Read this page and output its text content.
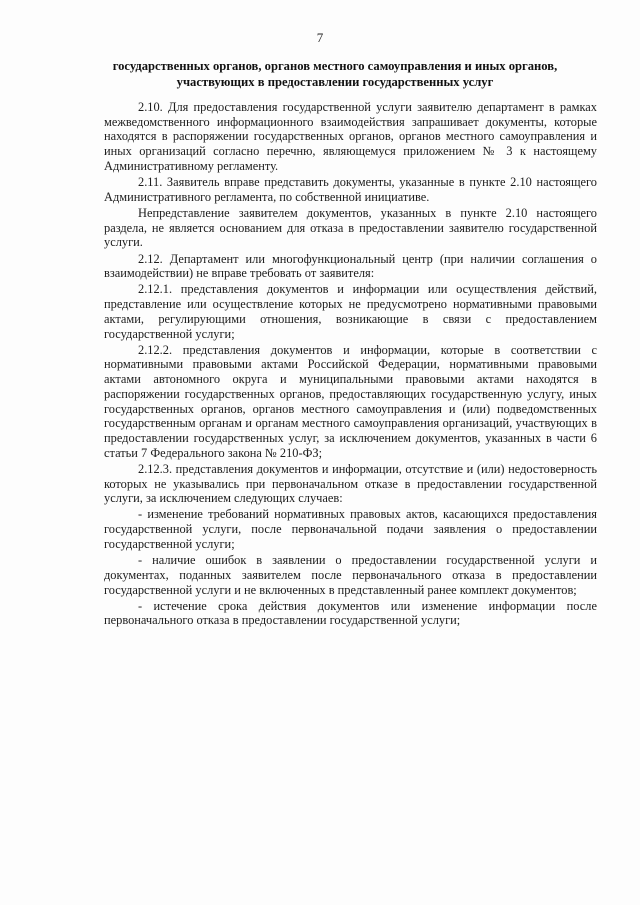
7
государственных органов, органов местного самоуправления и иных органов, участвующих в предоставлении государственных услуг

2.10. Для предоставления государственной услуги заявителю департамент в рамках межведомственного информационного взаимодействия запрашивает документы, которые находятся в распоряжении государственных органов, органов местного самоуправления и иных организаций согласно перечню, являющемуся приложением № 3 к настоящему Административному регламенту.

2.11. Заявитель вправе представить документы, указанные в пункте 2.10 настоящего Административного регламента, по собственной инициативе.

Непредставление заявителем документов, указанных в пункте 2.10 настоящего раздела, не является основанием для отказа в предоставлении заявителю государственной услуги.

2.12. Департамент или многофункциональный центр (при наличии соглашения о взаимодействии) не вправе требовать от заявителя:

2.12.1. представления документов и информации или осуществления действий, представление или осуществление которых не предусмотрено нормативными правовыми актами, регулирующими отношения, возникающие в связи с предоставлением государственной услуги;

2.12.2. представления документов и информации, которые в соответствии с нормативными правовыми актами Российской Федерации, нормативными правовыми актами автономного округа и муниципальными правовыми актами находятся в распоряжении государственных органов, предоставляющих государственную услугу, иных государственных органов, органов местного самоуправления и (или) подведомственных государственным органам и органам местного самоуправления организаций, участвующих в предоставлении государственных услуг, за исключением документов, указанных в части 6 статьи 7 Федерального закона № 210-ФЗ;

2.12.3. представления документов и информации, отсутствие и (или) недостоверность которых не указывались при первоначальном отказе в предоставлении государственной услуги, за исключением следующих случаев:

- изменение требований нормативных правовых актов, касающихся предоставления государственной услуги, после первоначальной подачи заявления о предоставлении государственной услуги;

- наличие ошибок в заявлении о предоставлении государственной услуги и документах, поданных заявителем после первоначального отказа в предоставлении государственной услуги и не включенных в представленный ранее комплект документов;

- истечение срока действия документов или изменение информации после первоначального отказа в предоставлении государственной услуги;
